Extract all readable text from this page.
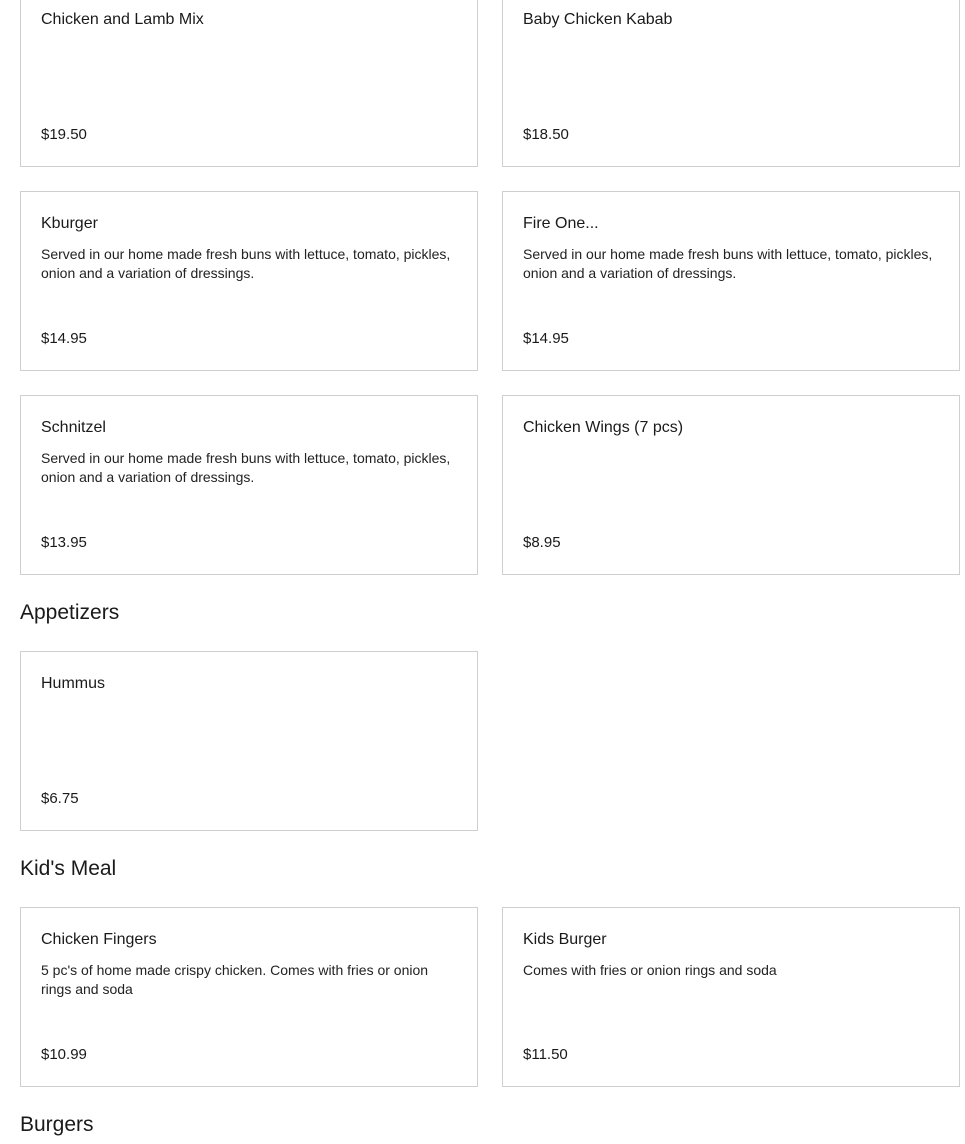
Chicken and Lamb Mix
$19.50
Baby Chicken Kabab
$18.50
Kburger
Served in our home made fresh buns with lettuce, tomato, pickles, onion and a variation of dressings.
$14.95
Fire One...
Served in our home made fresh buns with lettuce, tomato, pickles, onion and a variation of dressings.
$14.95
Schnitzel
Served in our home made fresh buns with lettuce, tomato, pickles, onion and a variation of dressings.
$13.95
Chicken Wings (7 pcs)
$8.95
Appetizers
Hummus
$6.75
Kid's Meal
Chicken Fingers
5 pc's of home made crispy chicken. Comes with fries or onion rings and soda
$10.99
Kids Burger
Comes with fries or onion rings and soda
$11.50
Burgers
